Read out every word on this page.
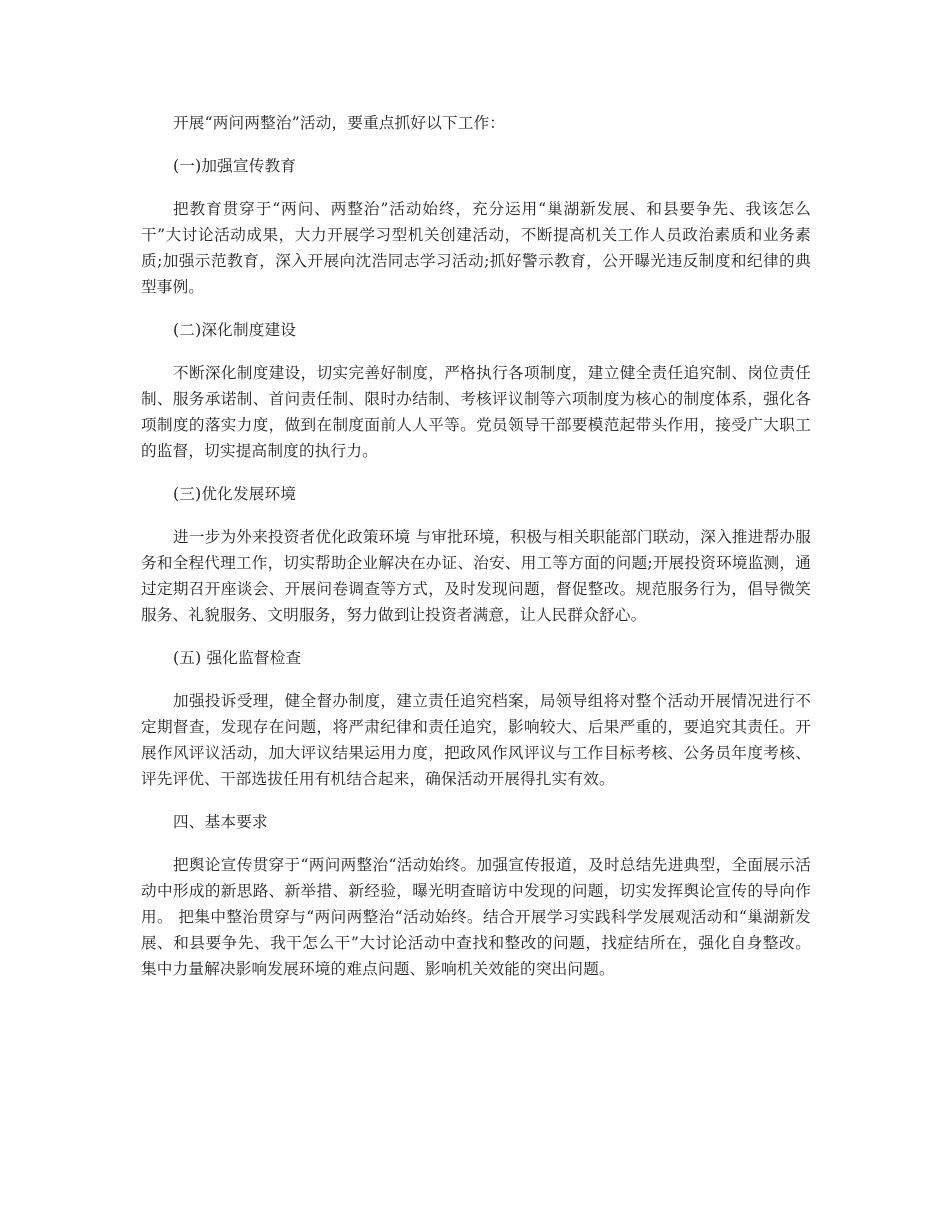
开展“两问两整治”活动，要重点抓好以下工作：

(一)加强宣传教育

把教育贯穿于“两问、两整治”活动始终，充分运用“巢湖新发展、和县要争先、我该怎么干”大讨论活动成果，大力开展学习型机关创建活动，不断提高机关工作人员政治素质和业务素质;加强示范教育，深入开展向沈浩同志学习活动;抓好警示教育，公开曝光违反制度和纪律的典型事例。

(二)深化制度建设

不断深化制度建设，切实完善好制度，严格执行各项制度，建立健全责任追究制、岗位责任制、服务承诺制、首问责任制、限时办结制、考核评议制等六项制度为核心的制度体系，强化各项制度的落实力度，做到在制度面前人人平等。党员领导干部要模范起带头作用，接受广大职工的监督，切实提高制度的执行力。

(三)优化发展环境

进一步为外来投资者优化政策环境 与审批环境，积极与相关职能部门联动，深入推进帮办服务和全程代理工作，切实帮助企业解决在办证、治安、用工等方面的问题;开展投资环境监测，通过定期召开座谈会、开展问卷调查等方式，及时发现问题，督促整改。规范服务行为，倡导微笑服务、礼貌服务、文明服务，努力做到让投资者满意，让人民群众舒心。

(五) 强化监督检查

加强投诉受理，健全督办制度，建立责任追究档案，局领导组将对整个活动开展情况进行不定期督查，发现存在问题，将严肃纪律和责任追究，影响较大、后果严重的，要追究其责任。开展作风评议活动，加大评议结果运用力度，把政风作风评议与工作目标考核、公务员年度考核、评先评优、干部选拔任用有机结合起来，确保活动开展得扎实有效。

四、基本要求

把舆论宣传贯穿于“两问两整治“活动始终。加强宣传报道，及时总结先进典型，全面展示活动中形成的新思路、新举措、新经验，曝光明查暗访中发现的问题，切实发挥舆论宣传的导向作用。 把集中整治贯穿与“两问两整治“活动始终。结合开展学习实践科学发展观活动和“巢湖新发展、和县要争先、我干怎么干”大讨论活动中查找和整改的问题，找症结所在，强化自身整改。集中力量解决影响发展环境的难点问题、影响机关效能的突出问题。
